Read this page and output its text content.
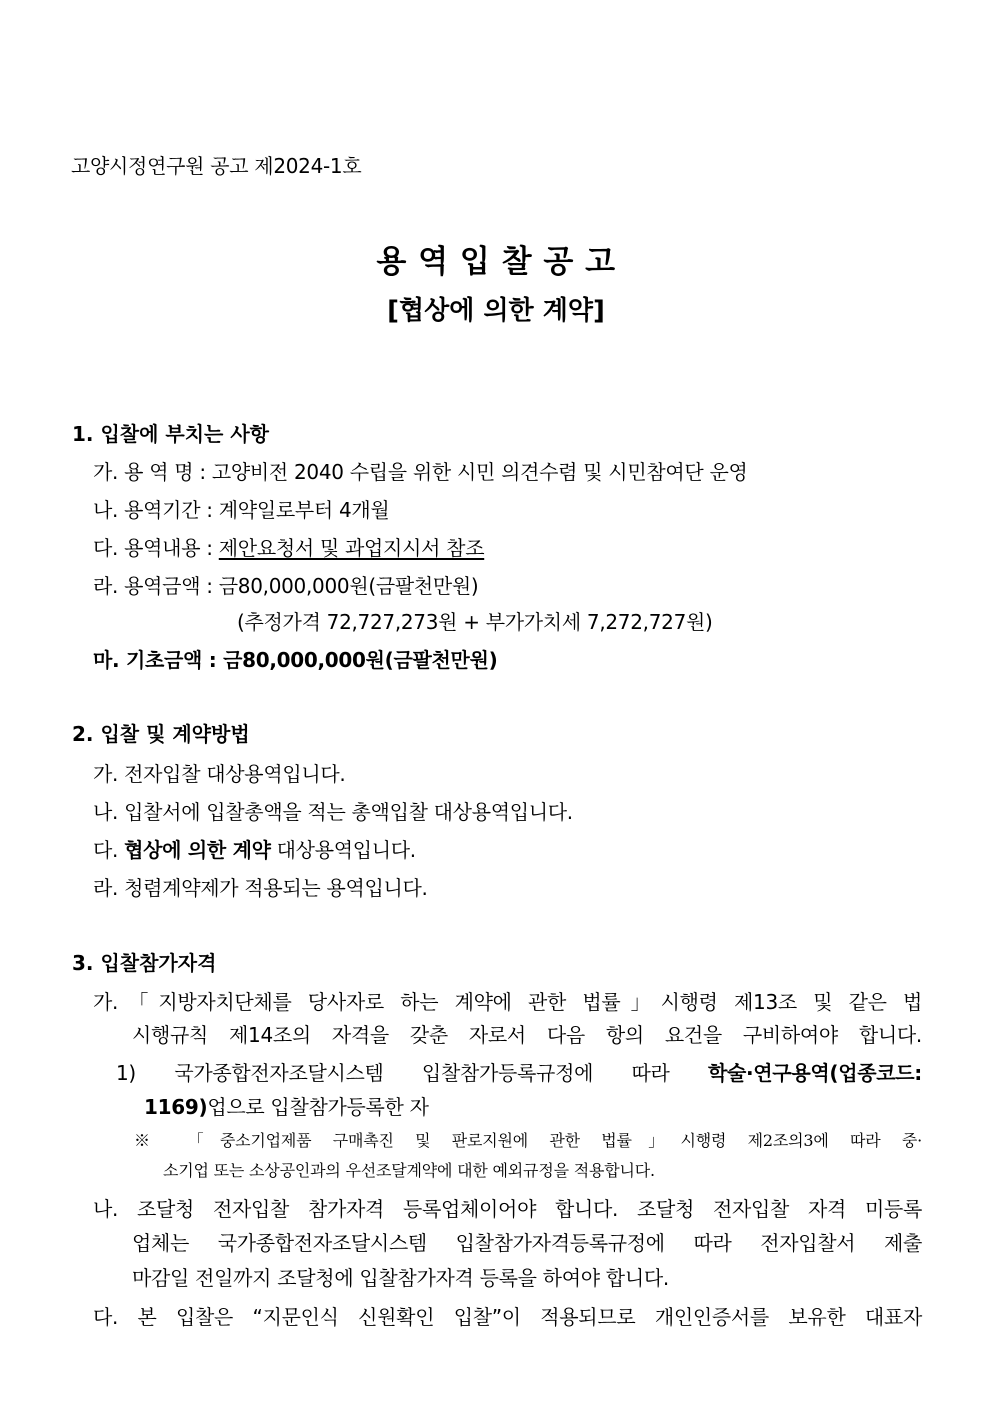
고양시정연구원 공고 제2024-1호
용 역 입 찰 공 고
[협상에 의한 계약]
1. 입찰에 부치는 사항
가. 용 역 명 : 고양비전 2040 수립을 위한 시민 의견수렴 및 시민참여단 운영
나. 용역기간 : 계약일로부터 4개월
다. 용역내용 : 제안요청서 및 과업지시서 참조
라. 용역금액 : 금80,000,000원(금팔천만원)
(추정가격 72,727,273원 + 부가가치세 7,272,727원)
마. 기초금액 : 금80,000,000원(금팔천만원)
2. 입찰 및 계약방법
가. 전자입찰 대상용역입니다.
나. 입찰서에 입찰총액을 적는 총액입찰 대상용역입니다.
다. 협상에 의한 계약 대상용역입니다.
라. 청렴계약제가 적용되는 용역입니다.
3. 입찰참가자격
가.「지방자치단체를 당사자로 하는 계약에 관한 법률」시행령 제13조 및 같은 법
시행규칙 제14조의 자격을 갖춘 자로서 다음 항의 요건을 구비하여야 합니다.
1) 국가종합전자조달시스템 입찰참가등록규정에 따라 학술·연구용역(업종코드:
1169)업으로 입찰참가등록한 자
※ 「중소기업제품 구매촉진 및 판로지원에 관한 법률」시행령 제2조의3에 따라 중·
소기업 또는 소상공인과의 우선조달계약에 대한 예외규정을 적용합니다.
나. 조달청 전자입찰 참가자격 등록업체이어야 합니다. 조달청 전자입찰 자격 미등록
업체는 국가종합전자조달시스템 입찰참가자격등록규정에 따라 전자입찰서 제출
마감일 전일까지 조달청에 입찰참가자격 등록을 하여야 합니다.
다. 본 입찰은 “지문인식 신원확인 입찰”이 적용되므로 개인인증서를 보유한 대표자
